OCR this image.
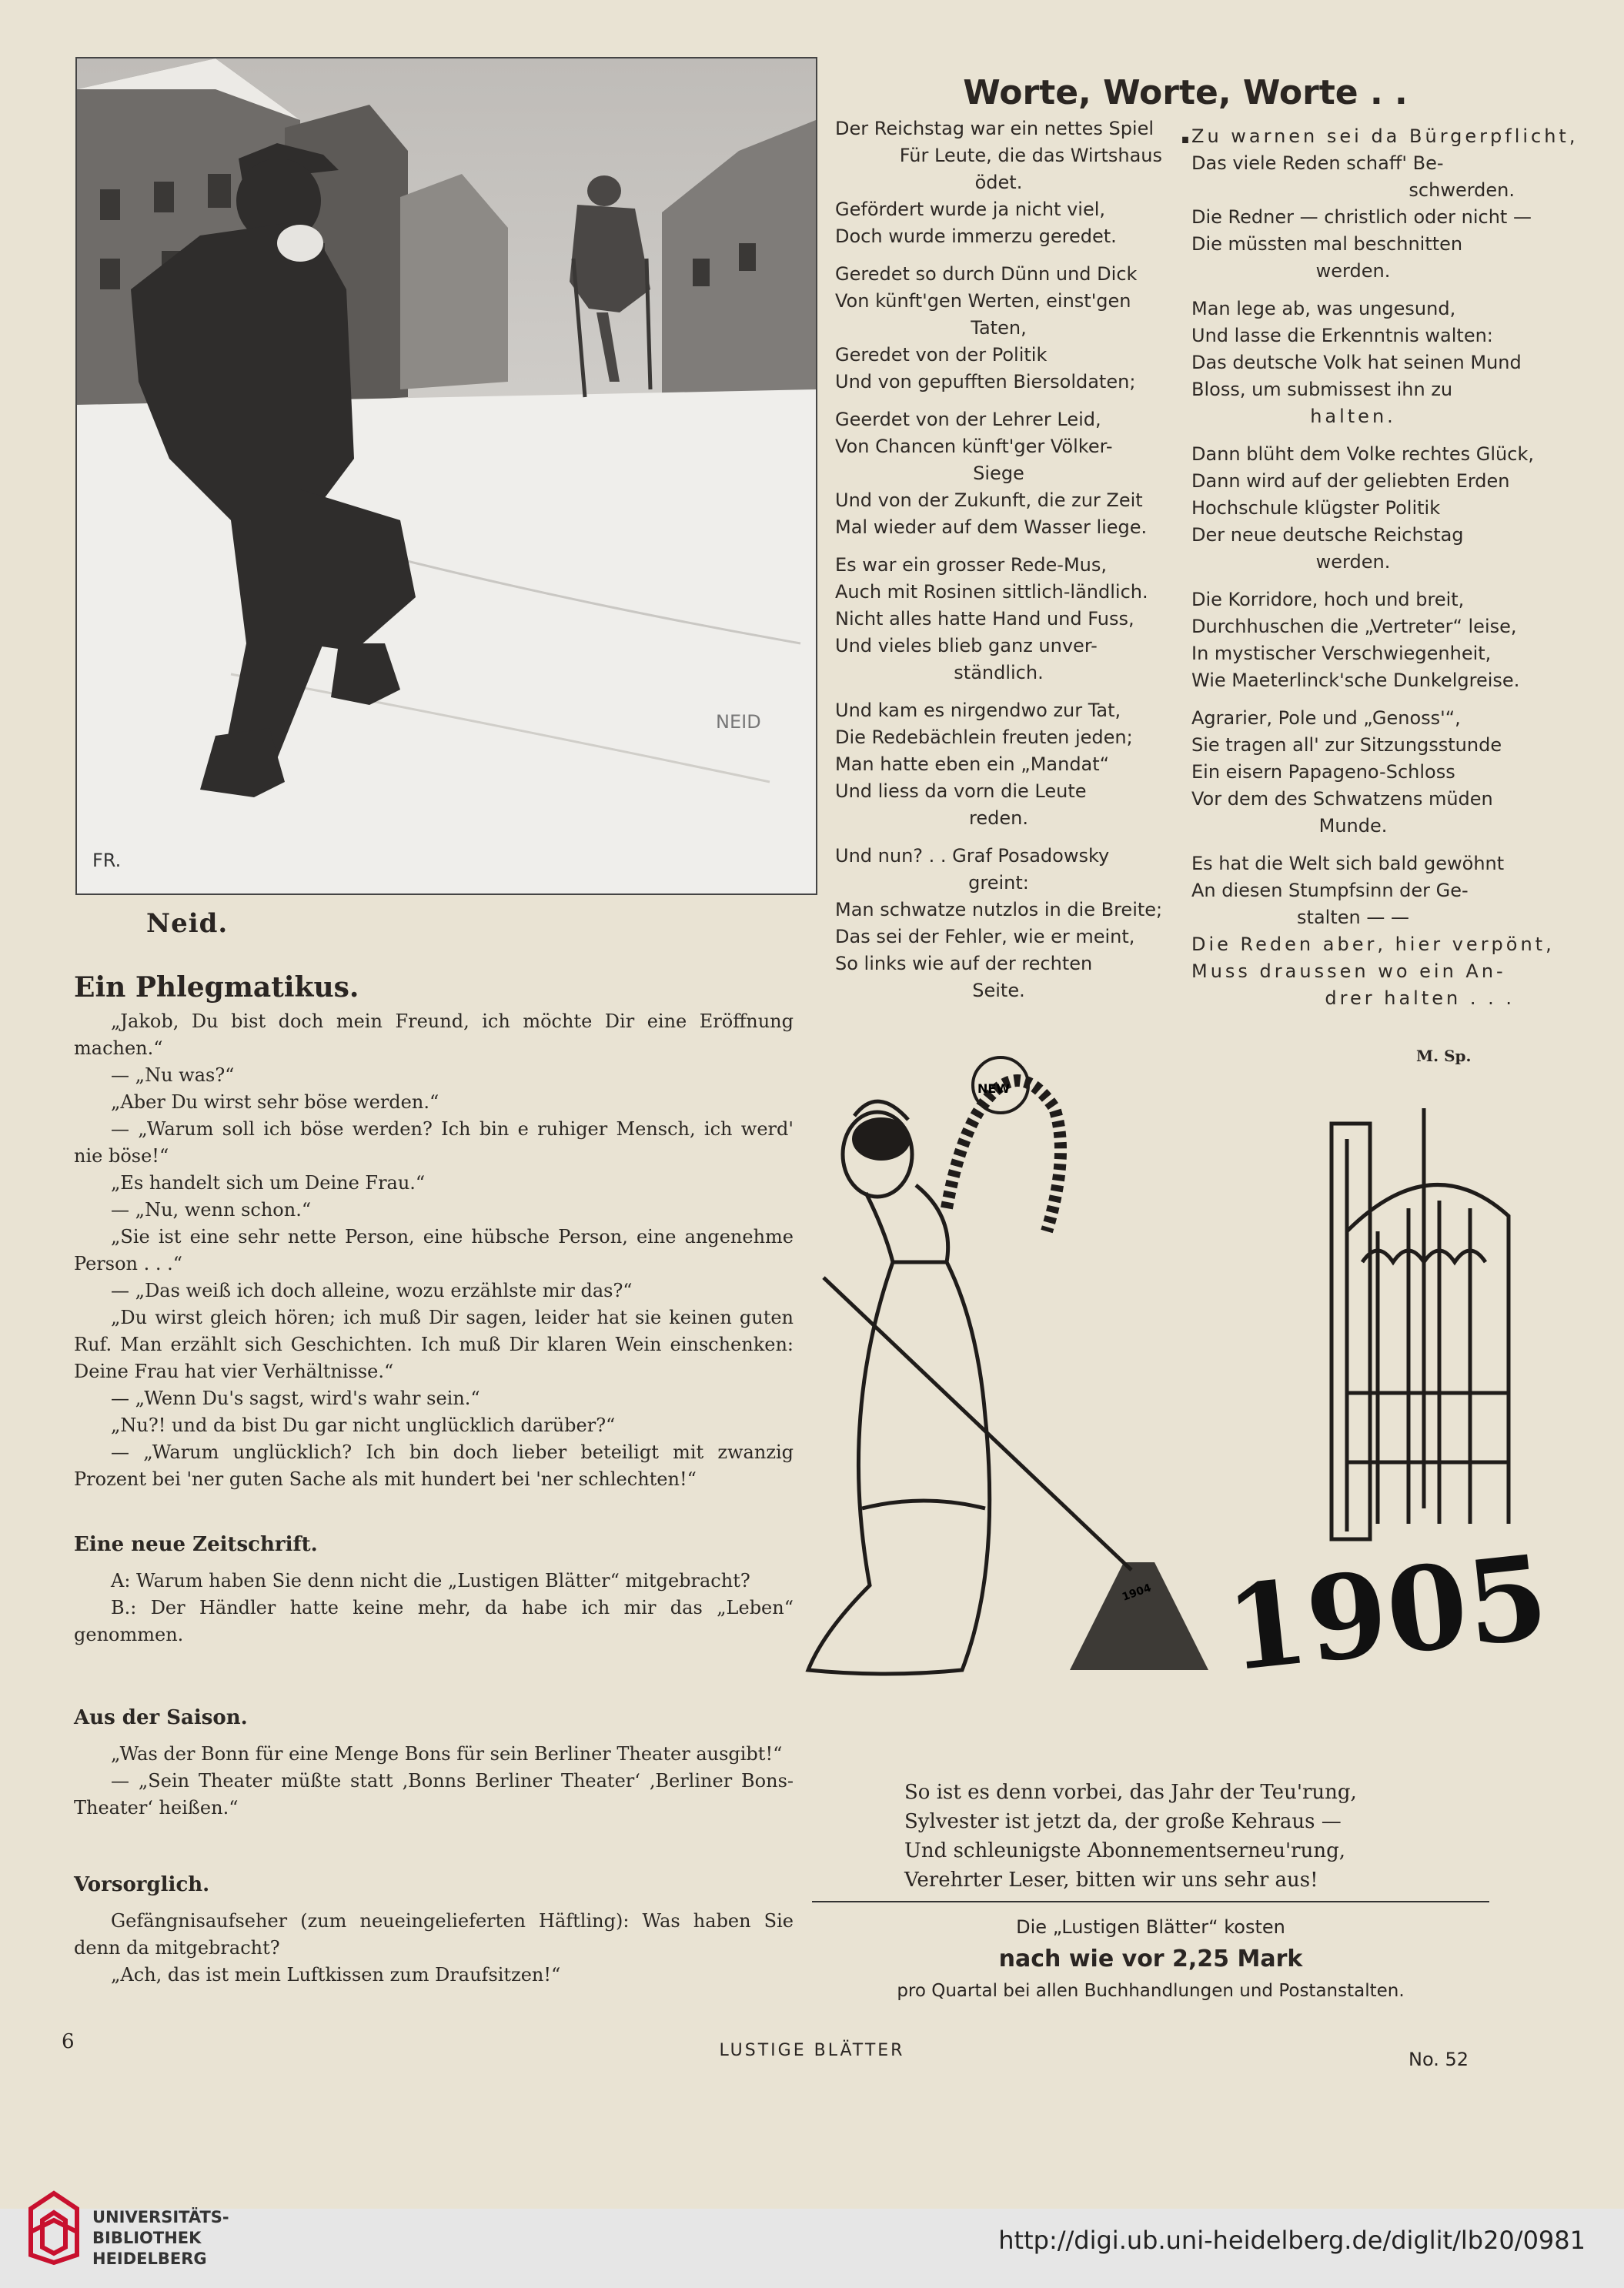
NEID
FR.
Neid.
Ein Phlegmatikus.

„Jakob, Du bist doch mein Freund, ich möchte Dir eine Eröffnung machen.“

— „Nu was?“

„Aber Du wirst sehr böse werden.“

— „Warum soll ich böse werden? Ich bin e ruhiger Mensch, ich werd' nie böse!“

„Es handelt sich um Deine Frau.“

— „Nu, wenn schon.“

„Sie ist eine sehr nette Person, eine hübsche Person, eine angenehme Person . . .“

— „Das weiß ich doch alleine, wozu erzählste mir das?“

„Du wirst gleich hören; ich muß Dir sagen, leider hat sie keinen guten Ruf. Man erzählt sich Geschichten. Ich muß Dir klaren Wein einschenken: Deine Frau hat vier Verhältnisse.“

— „Wenn Du's sagst, wird's wahr sein.“

„Nu?! und da bist Du gar nicht unglücklich darüber?“

— „Warum unglücklich? Ich bin doch lieber beteiligt mit zwanzig Prozent bei 'ner guten Sache als mit hundert bei 'ner schlechten!“

Eine neue Zeitschrift.

A: Warum haben Sie denn nicht die „Lustigen Blätter“ mitgebracht?

B.: Der Händler hatte keine mehr, da habe ich mir das „Leben“ genommen.

Aus der Saison.

„Was der Bonn für eine Menge Bons für sein Berliner Theater ausgibt!“

— „Sein Theater müßte statt ‚Bonns Berliner Theater‘ ‚Berliner Bons-Theater‘ heißen.“

Vorsorglich.

Gefängnisaufseher (zum neueingelieferten Häftling): Was haben Sie denn da mitgebracht?

„Ach, das ist mein Luftkissen zum Draufsitzen!“

Worte, Worte, Worte . . .
Der Reichstag war ein nettes Spiel
Für Leute, die das Wirtshaus
ödet.
Gefördert wurde ja nicht viel,
Doch wurde immerzu geredet.
Geredet so durch Dünn und Dick
Von künft'gen Werten, einst'gen
Taten,
Geredet von der Politik
Und von gepufften Biersoldaten;
Geerdet von der Lehrer Leid,
Von Chancen künft'ger Völker-
Siege
Und von der Zukunft, die zur Zeit
Mal wieder auf dem Wasser liege.
Es war ein grosser Rede-Mus,
Auch mit Rosinen sittlich-ländlich.
Nicht alles hatte Hand und Fuss,
Und vieles blieb ganz unver-
ständlich.
Und kam es nirgendwo zur Tat,
Die Redebächlein freuten jeden;
Man hatte eben ein „Mandat“
Und liess da vorn die Leute
reden.
Und nun? . . Graf Posadowsky
greint:
Man schwatze nutzlos in die Breite;
Das sei der Fehler, wie er meint,
So links wie auf der rechten
Seite.
Zu warnen sei da Bürgerpflicht,
Das viele Reden schaff' Be-
schwerden.
Die Redner — christlich oder nicht —
Die müssten mal beschnitten
werden.
Man lege ab, was ungesund,
Und lasse die Erkenntnis walten:
Das deutsche Volk hat seinen Mund
Bloss, um submissest ihn zu
halten.
Dann blüht dem Volke rechtes Glück,
Dann wird auf der geliebten Erden
Hochschule klügster Politik
Der neue deutsche Reichstag
werden.
Die Korridore, hoch und breit,
Durchhuschen die „Vertreter“ leise,
In mystischer Verschwiegenheit,
Wie Maeterlinck'sche Dunkelgreise.
Agrarier, Pole und „Genoss'“,
Sie tragen all' zur Sitzungsstunde
Ein eisern Papageno-Schloss
Vor dem des Schwatzens müden
Munde.
Es hat die Welt sich bald gewöhnt
An diesen Stumpfsinn der Ge-
stalten — —
Die Reden aber, hier verpönt,
Muss draussen wo ein An-
drer halten . . .
M. Sp.
NEW
1904 1905
So ist es denn vorbei, das Jahr der Teu'rung,
Sylvester ist jetzt da, der große Kehraus —
Und schleunigste Abonnementserneu'rung,
Verehrter Leser, bitten wir uns sehr aus!
Die „Lustigen Blätter“ kosten
nach wie vor 2,25 Mark
pro Quartal bei allen Buchhandlungen und Postanstalten.
6	LUSTIGE BLÄTTER	No. 52
UNIVERSITÄTS-
BIBLIOTHEK
HEIDELBERG
http://digi.ub.uni-heidelberg.de/diglit/lb20/0981
